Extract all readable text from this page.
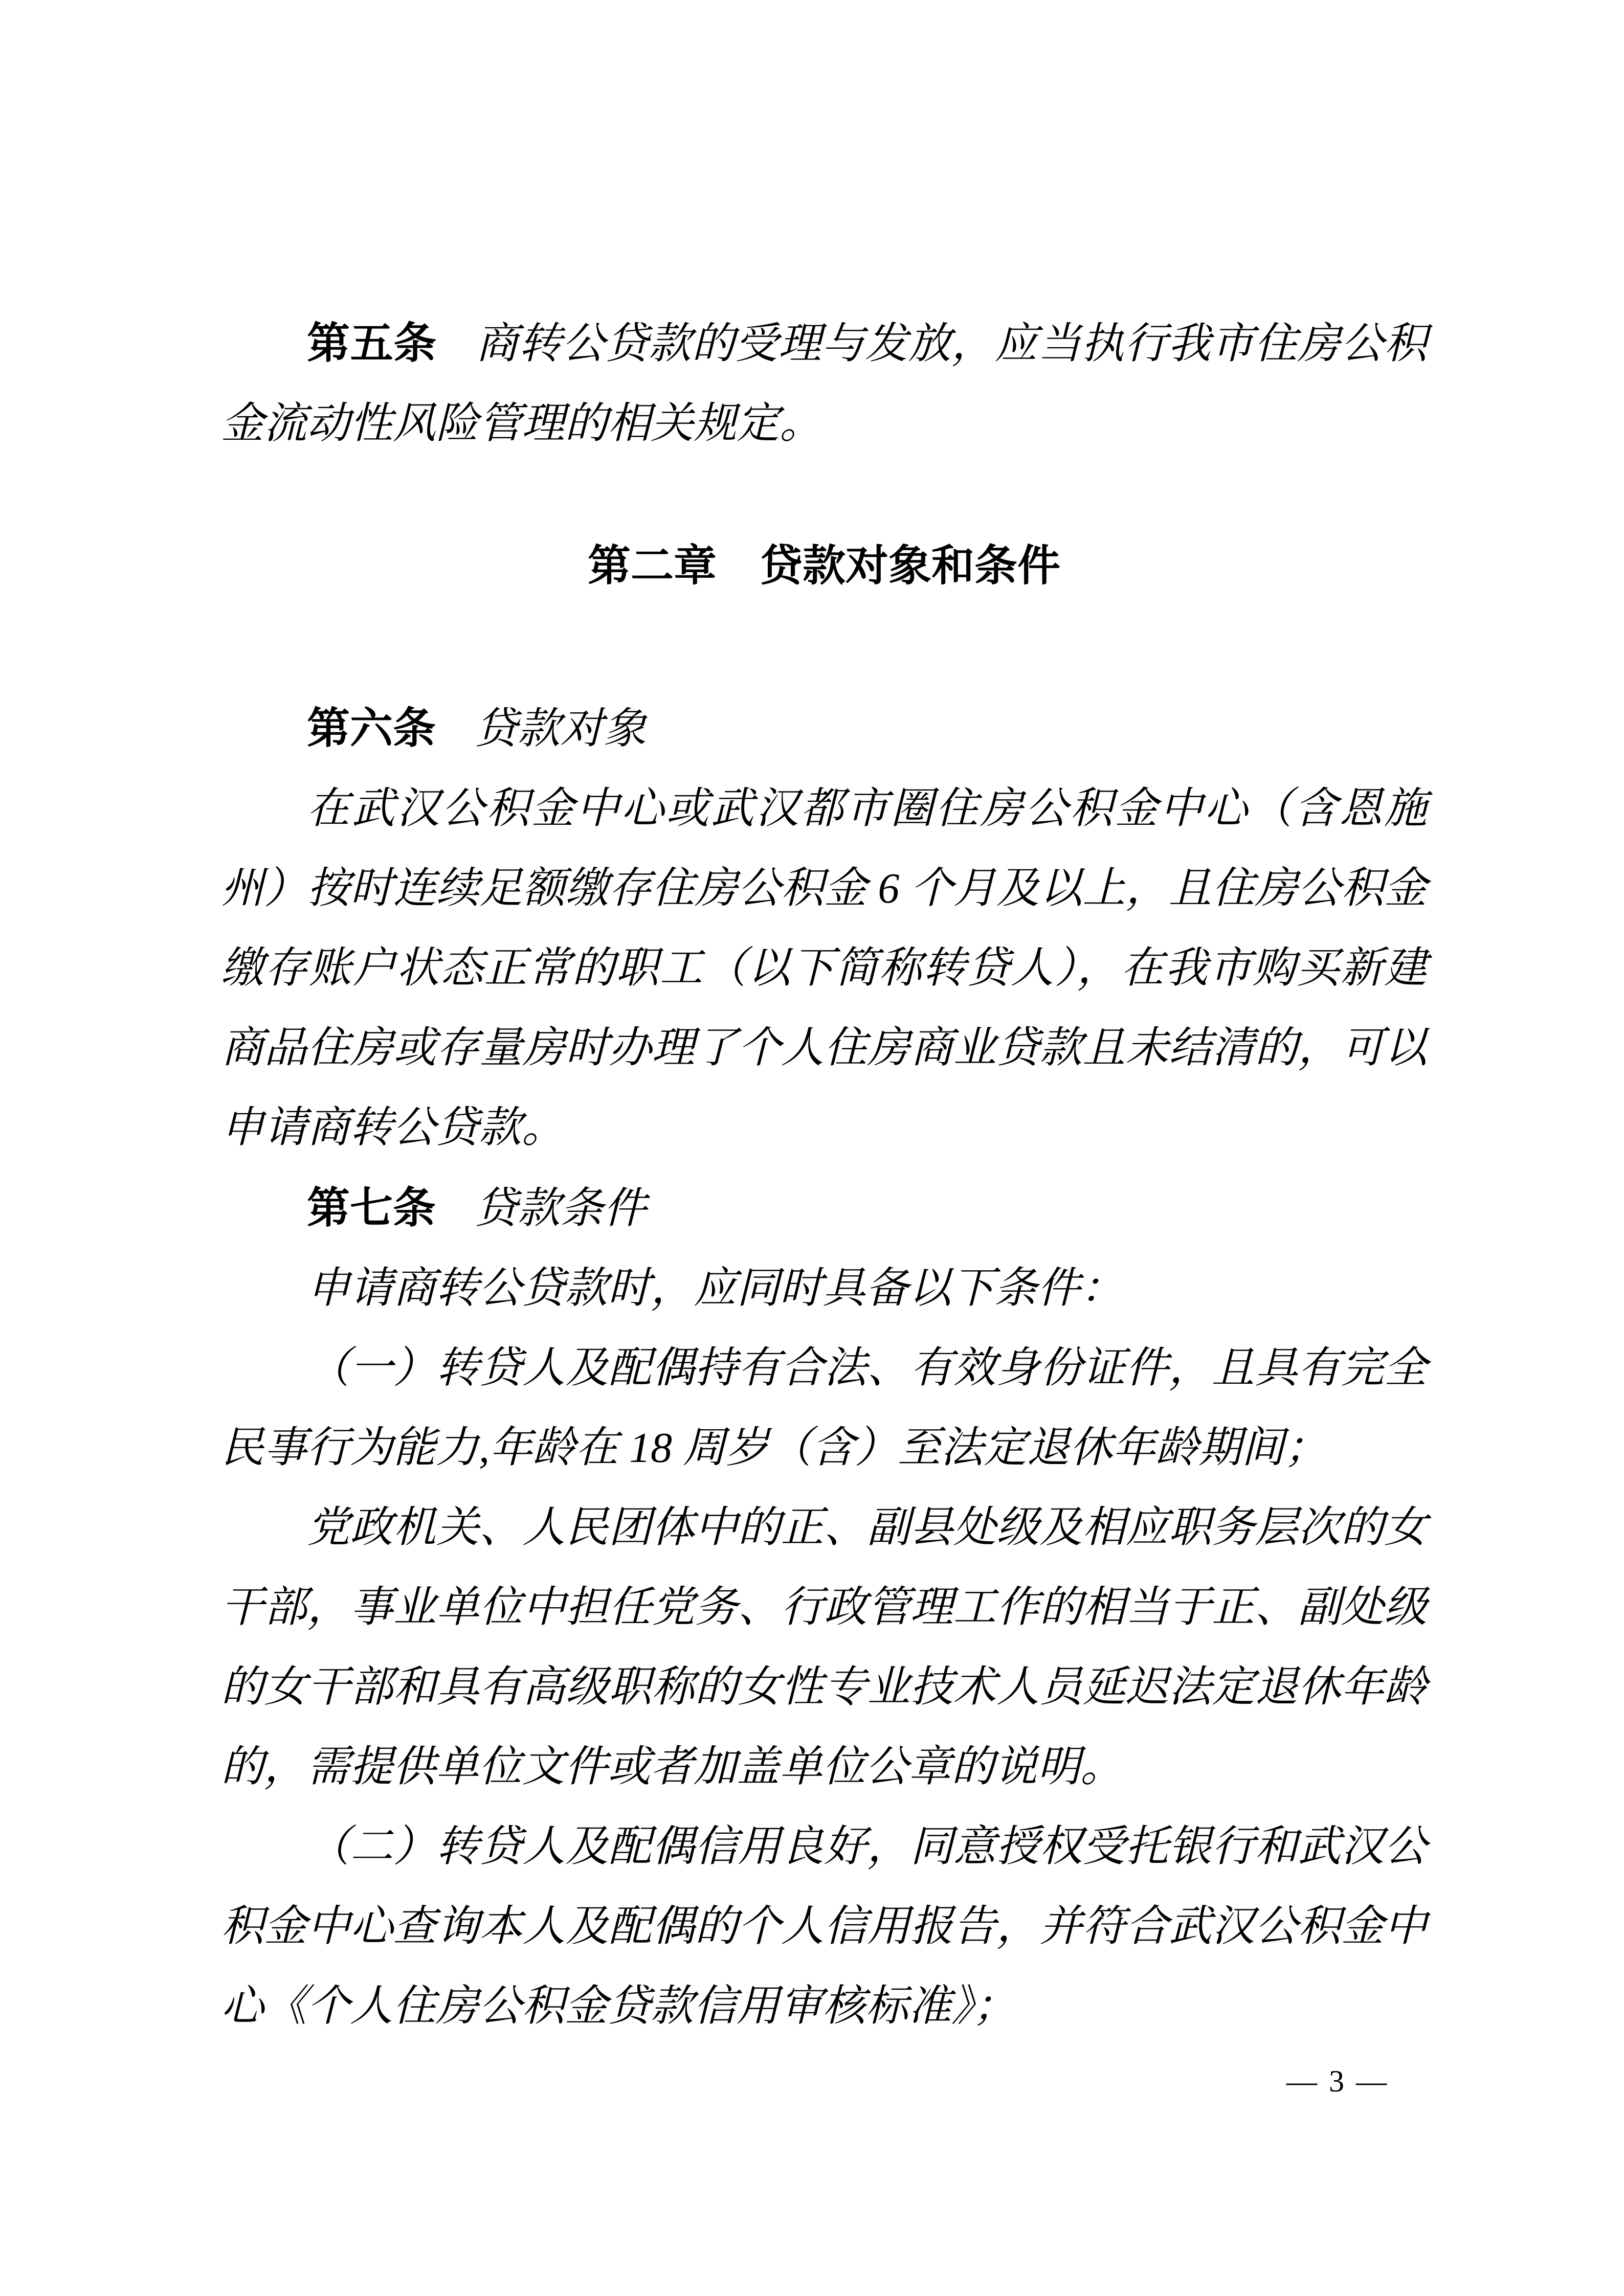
第五条 商转公贷款的受理与发放，应当执行我市住房公积金流动性风险管理的相关规定。

第二章　贷款对象和条件

第六条 贷款对象

在武汉公积金中心或武汉都市圈住房公积金中心（含恩施州）按时连续足额缴存住房公积金 6 个月及以上，且住房公积金缴存账户状态正常的职工（以下简称转贷人），在我市购买新建商品住房或存量房时办理了个人住房商业贷款且未结清的，可以申请商转公贷款。

第七条 贷款条件

申请商转公贷款时，应同时具备以下条件：

（一）转贷人及配偶持有合法、有效身份证件，且具有完全民事行为能力,年龄在 18 周岁（含）至法定退休年龄期间；

党政机关、人民团体中的正、副县处级及相应职务层次的女干部，事业单位中担任党务、行政管理工作的相当于正、副处级的女干部和具有高级职称的女性专业技术人员延迟法定退休年龄的，需提供单位文件或者加盖单位公章的说明。

（二）转贷人及配偶信用良好，同意授权受托银行和武汉公积金中心查询本人及配偶的个人信用报告，并符合武汉公积金中心《个人住房公积金贷款信用审核标准》；

— 3 —
